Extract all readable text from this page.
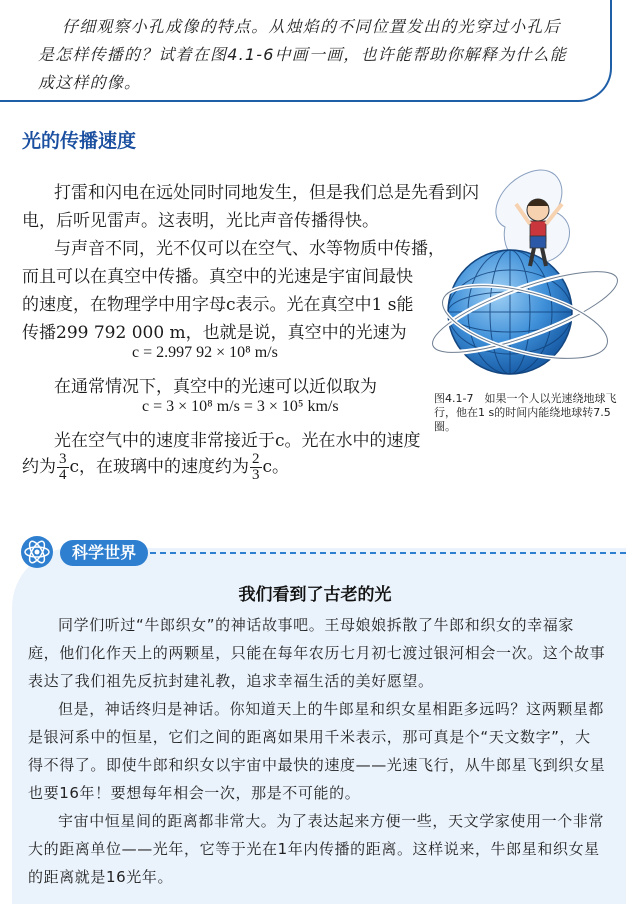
仔细观察小孔成像的特点。从烛焰的不同位置发出的光穿过小孔后
是怎样传播的？试着在图4.1-6中画一画，也许能帮助你解释为什么能
成这样的像。
光的传播速度
打雷和闪电在远处同时同地发生，但是我们总是先看到闪
电，后听见雷声。这表明，光比声音传播得快。
与声音不同，光不仅可以在空气、水等物质中传播，
而且可以在真空中传播。真空中的光速是宇宙间最快
的速度，在物理学中用字母c表示。光在真空中1 s能
传播299 792 000 m，也就是说，真空中的光速为
c = 2.997 92 × 10⁸ m/s
在通常情况下，真空中的光速可以近似取为
c = 3 × 10⁸ m/s = 3 × 10⁵ km/s
光在空气中的速度非常接近于c。光在水中的速度
约为 $\frac{3}{4}$ c，在玻璃中的速度约为 $\frac{2}{3}$ c。
图4.1-7　如果一个人以光速绕地球飞行，他在1 s的时间内能绕地球转7.5圈。
科学世界
我们看到了古老的光
同学们听过“牛郎织女”的神话故事吧。王母娘娘拆散了牛郎和织女的幸福家
庭，他们化作天上的两颗星，只能在每年农历七月初七渡过银河相会一次。这个故事
表达了我们祖先反抗封建礼教，追求幸福生活的美好愿望。
但是，神话终归是神话。你知道天上的牛郎星和织女星相距多远吗？这两颗星都
是银河系中的恒星，它们之间的距离如果用千米表示，那可真是个“天文数字”，大
得不得了。即使牛郎和织女以宇宙中最快的速度——光速飞行，从牛郎星飞到织女星
也要16年！要想每年相会一次，那是不可能的。
宇宙中恒星间的距离都非常大。为了表达起来方便一些，天文学家使用一个非常
大的距离单位——光年，它等于光在1年内传播的距离。这样说来，牛郎星和织女星
的距离就是16光年。
